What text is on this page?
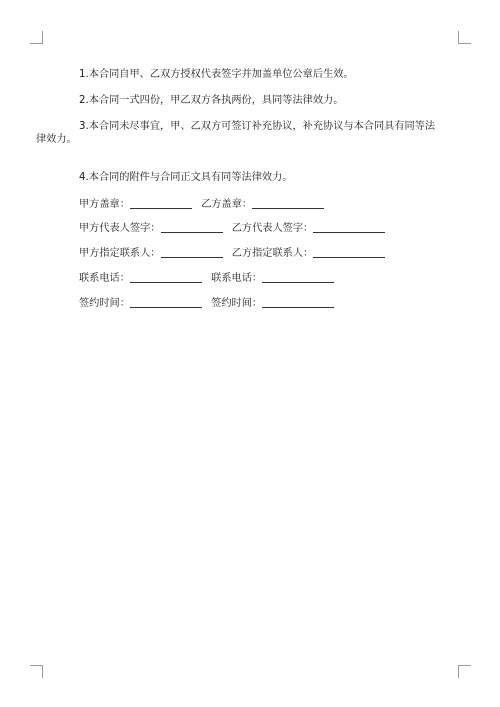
1.本合同自甲、乙双方授权代表签字并加盖单位公章后生效。

2.本合同一式四份，甲乙双方各执两份，具同等法律效力。

3.本合同未尽事宜，甲、乙双方可签订补充协议，补充协议与本合同具有同等法
律效力。

4.本合同的附件与合同正文具有同等法律效力。

甲方盖章：	乙方盖章：
甲方代表人签字：	乙方代表人签字：
甲方指定联系人：	乙方指定联系人：
联系电话：	联系电话：
签约时间：	签约时间：
